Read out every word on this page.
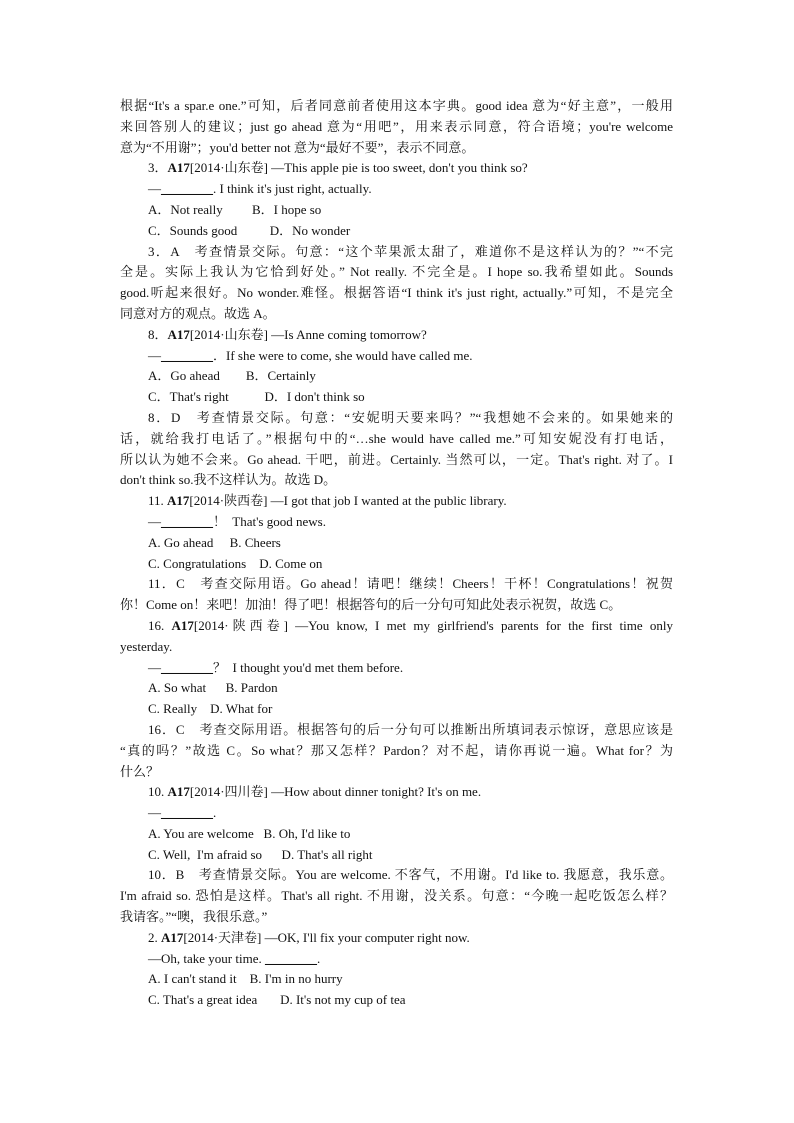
根据“It's a spar.e one.”可知，后者同意前者使用这本字典。good idea 意为“好主意”，一般用
来回答别人的建议；just go ahead 意为“用吧”，用来表示同意，符合语境；you're welcome
意为“不用谢”；you'd better not 意为“最好不要”，表示不同意。
3．A17[2014·山东卷] —This apple pie is too sweet, don't you think so?
—________. I think it's just right, actually.
A．Not really         B．I hope so
C．Sounds good          D．No wonder
3．A　考查情景交际。句意：“这个苹果派太甜了，难道你不是这样认为的？”“不完
全是。实际上我认为它恰到好处。” Not really. 不完全是。I hope so.我希望如此。Sounds
good.听起来很好。No wonder.难怪。根据答语“I think it's just right, actually.”可知，不是完全
同意对方的观点。故选 A。
8．A17[2014·山东卷] —Is Anne coming tomorrow?
—________．If she were to come, she would have called me.
A．Go ahead        B．Certainly
C．That's right           D．I don't think so
8．D　考查情景交际。句意：“安妮明天要来吗？”“我想她不会来的。如果她来的
话，就给我打电话了。”根据句中的“…she would have called me.”可知安妮没有打电话，
所以认为她不会来。Go ahead. 干吧，前进。Certainly. 当然可以，一定。That's right. 对了。I
don't think so.我不这样认为。故选 D。
11. A17[2014·陕西卷] —I got that job I wanted at the public library.
—________！  That's good news.
A. Go ahead     B. Cheers
C. Congratulations    D. Come on
11．C　考查交际用语。Go ahead！请吧！继续！Cheers！干杯！Congratulations！祝贺
你！Come on！来吧！加油！得了吧！根据答句的后一分句可知此处表示祝贺，故选 C。
16. A17[2014·陕西卷] —You know, I met my girlfriend's parents for the first time only
yesterday.
—________？  I thought you'd met them before.
A. So what      B. Pardon
C. Really    D. What for
16．C　考查交际用语。根据答句的后一分句可以推断出所填词表示惊讶，意思应该是
“真的吗？”故选 C。So what？那又怎样？Pardon？对不起，请你再说一遍。What for？为
什么？
10. A17[2014·四川卷] —How about dinner tonight? It's on me.
—________.
A. You are welcome   B. Oh, I'd like to
C. Well,  I'm afraid so      D. That's all right
10．B　考查情景交际。You are welcome. 不客气，不用谢。I'd like to. 我愿意，我乐意。
I'm afraid so. 恐怕是这样。That's all right. 不用谢，没关系。句意：“今晚一起吃饭怎么样？
我请客。”“噢，我很乐意。”
2. A17[2014·天津卷] —OK, I'll fix your computer right now.
—Oh, take your time. ________.
A. I can't stand it    B. I'm in no hurry
C. That's a great idea       D. It's not my cup of tea
